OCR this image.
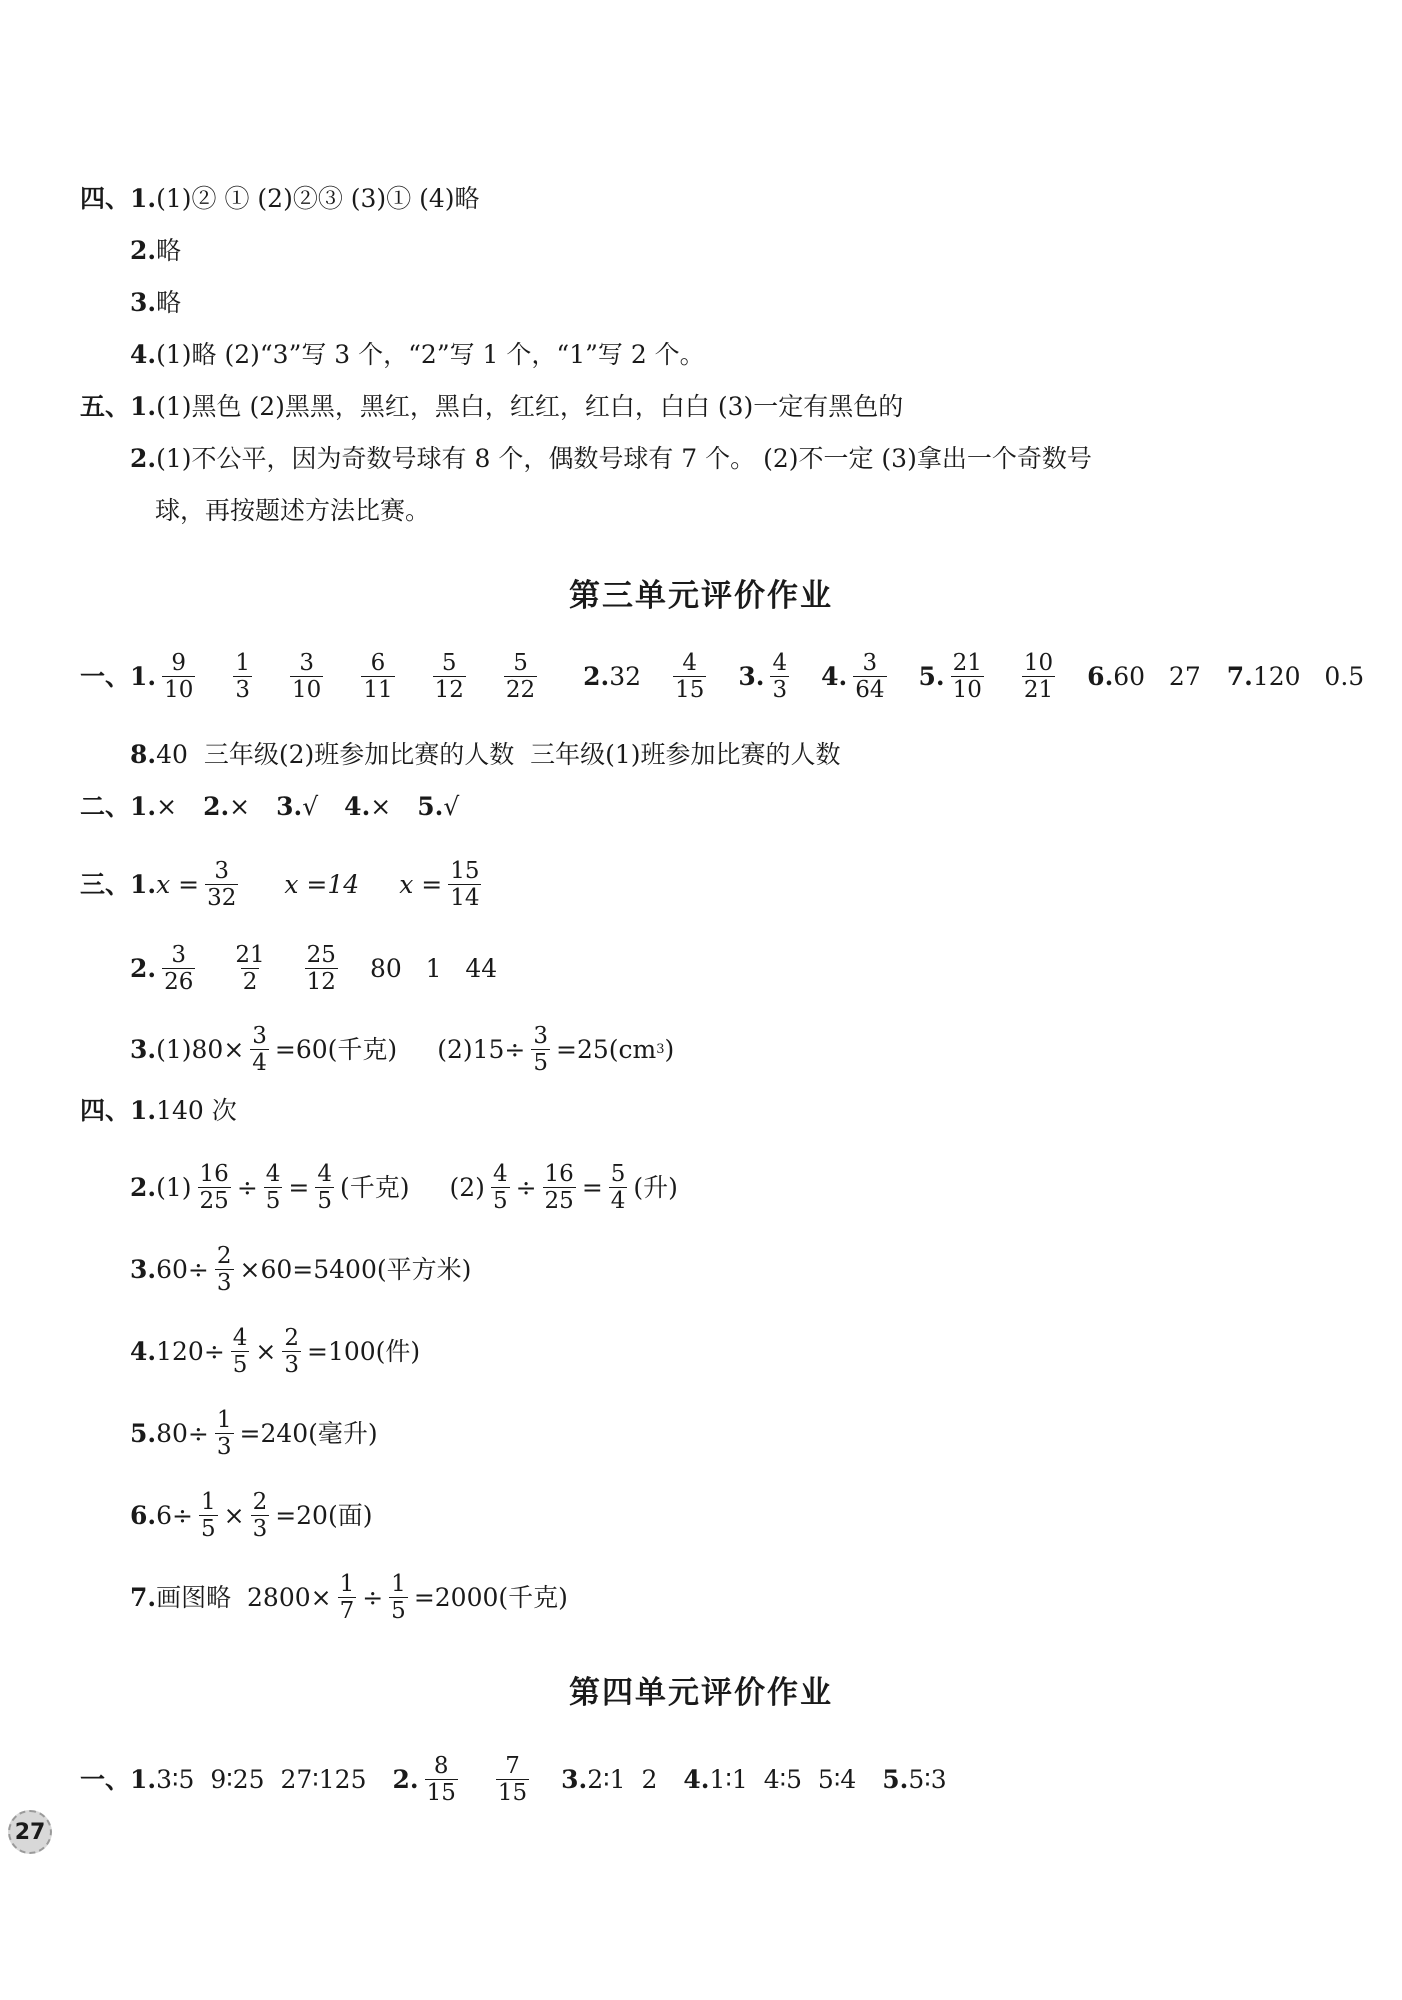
四、1. (1)② ① (2)②③ (3)① (4)略
2. 略
3. 略
4. (1)略 (2)“3”写 3 个，“2”写 1 个，“1”写 2 个。
五、1. (1)黑色 (2)黑黑，黑红，黑白，红红，红白，白白 (3)一定有黑色的
2. (1)不公平，因为奇数号球有 8 个，偶数号球有 7 个。 (2)不一定 (3)拿出一个奇数号
球，再按题述方法比赛。
第三单元评价作业
一、1. 9
10
1
3
3
10
6
11
5
12
5
22 2. 32 4
15 3. 4
3 4. 3
64 5. 21
10
10
21 6. 60   27 7. 120   0.5
8. 40  三年级(2)班参加比赛的人数  三年级(1)班参加比赛的人数
二、1. × 2. × 3. √ 4. × 5. √
三、1. $x = \frac{3}{32}$ x =14 $x = \frac{15}{14}$
2. 3
26
21
2
25
12 80   1   44
3. $(1)80\times \frac{3}{4} =60$(千克) $(2)15\div \frac{3}{5} =25(cm$ 3 )
四、1. 140 次
2. $(1) \frac{16}{25} \div \frac{4}{5} = \frac{4}{5}$ (千克) $(2) \frac{4}{5} \div \frac{16}{25} = \frac{5}{4}$ (升)
3. $60\div \frac{2}{3} \times 60=5400$(平方米)
4. $120\div \frac{4}{5} \times \frac{2}{3} =100$(件)
5. $80\div \frac{1}{3} =240$(毫升)
6. $6\div \frac{1}{5} \times \frac{2}{3} =20$(面)
7. 画图略  $2800\times \frac{1}{7} \div \frac{1}{5} =2000$(千克)
第四单元评价作业
一、1. 3∶5  9∶25  27∶125 2. 8
15
7
15 3. 2∶1  2 4. 1∶1  4∶5  5∶4 5. 5∶3
27
